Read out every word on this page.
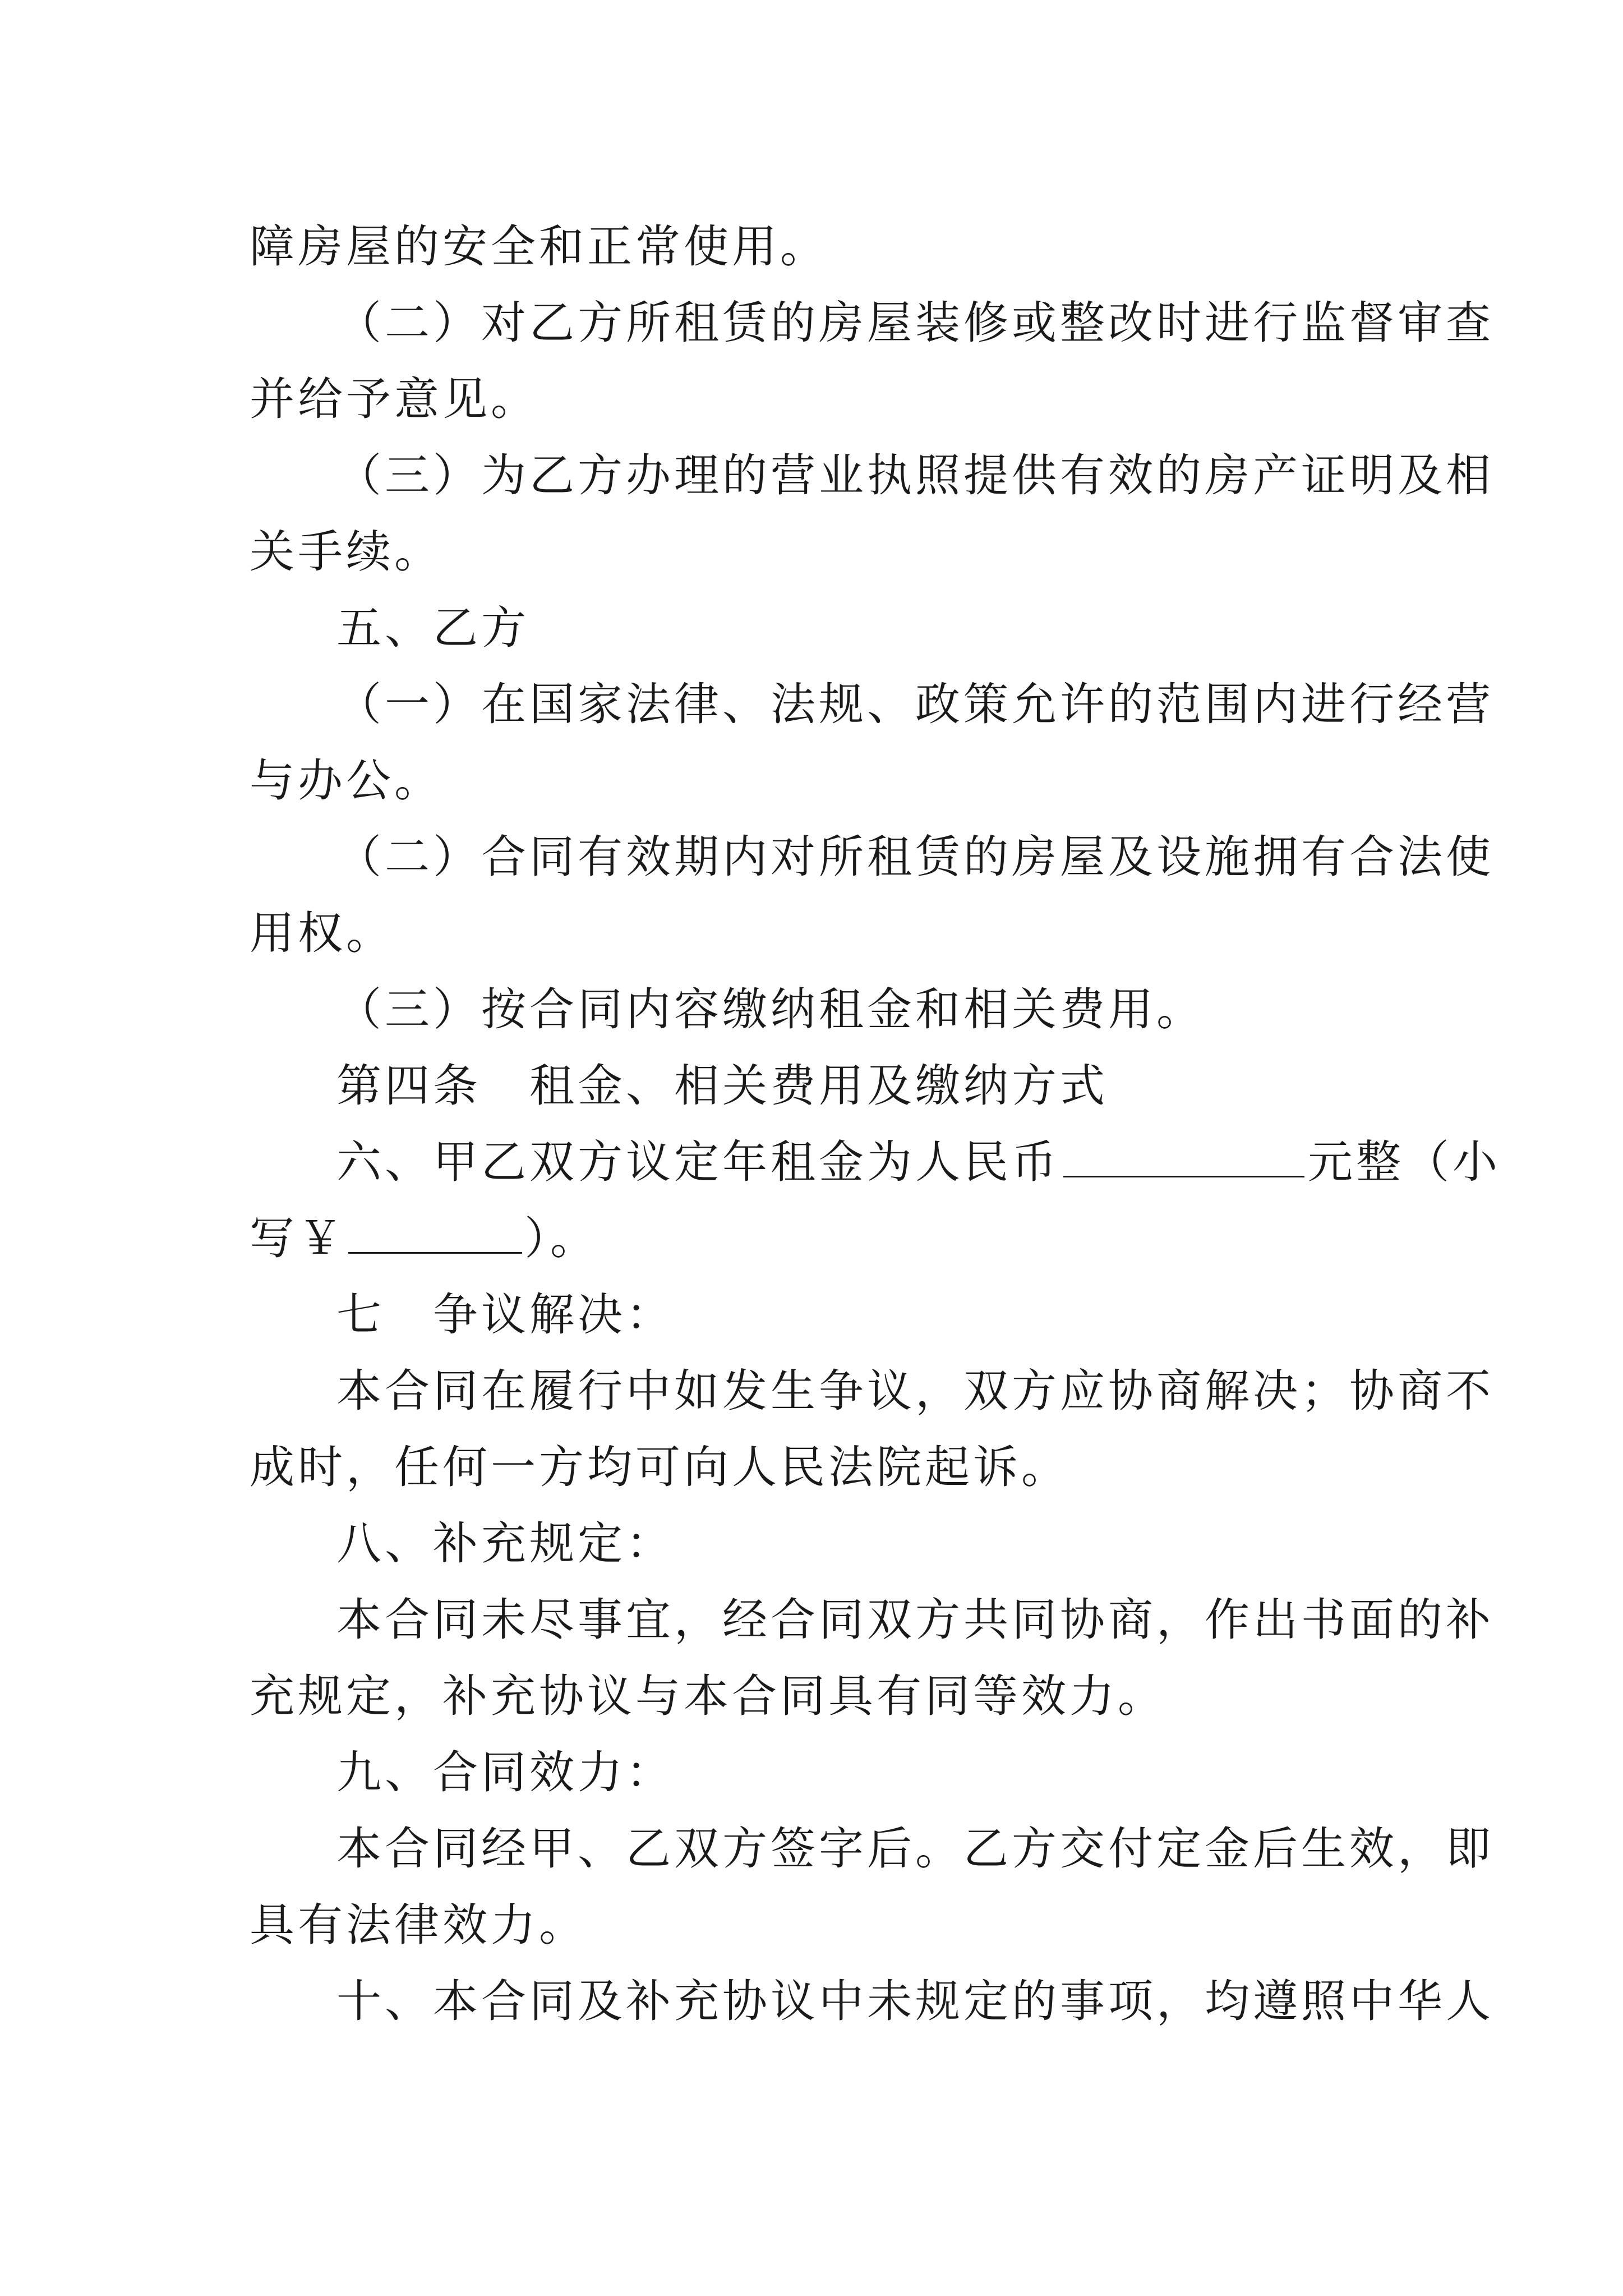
障房屋的安全和正常使用。
（二）对乙方所租赁的房屋装修或整改时进行监督审查
并给予意见。
（三）为乙方办理的营业执照提供有效的房产证明及相
关手续。
五、乙方
（一）在国家法律、法规、政策允许的范围内进行经营
与办公。
（二）合同有效期内对所租赁的房屋及设施拥有合法使
用权。
（三）按合同内容缴纳租金和相关费用。
第四条　租金、相关费用及缴纳方式
六、甲乙双方议定年租金为人民币	元整（小
写￥	）。
七　争议解决：
本合同在履行中如发生争议，双方应协商解决；协商不
成时，任何一方均可向人民法院起诉。
八、补充规定：
本合同未尽事宜，经合同双方共同协商，作出书面的补
充规定，补充协议与本合同具有同等效力。
九、合同效力：
本合同经甲、乙双方签字后。乙方交付定金后生效，即
具有法律效力。
十、本合同及补充协议中未规定的事项，均遵照中华人
